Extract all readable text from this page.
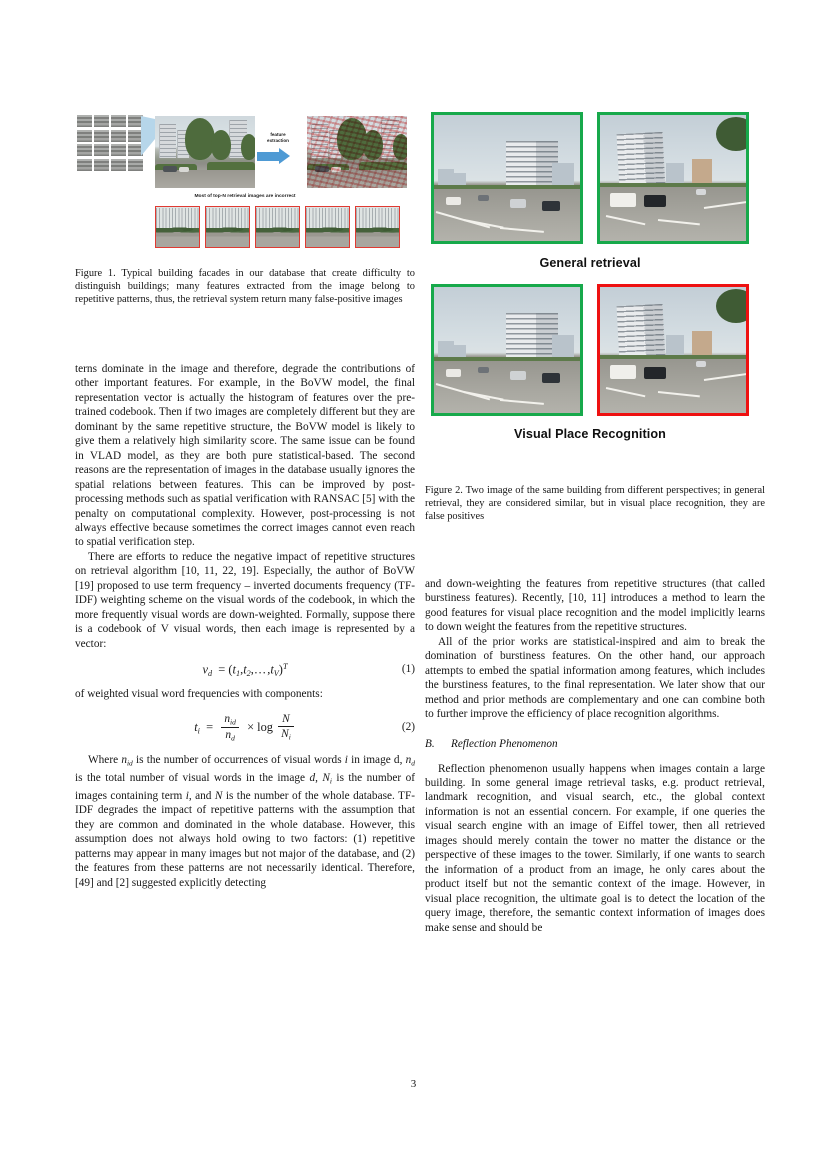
feature
extraction
Most of top-N retrieval images are incorrect

Figure 1. Typical building facades in our database that create difficulty to distinguish buildings; many features extracted from the image belong to repetitive patterns, thus, the retrieval system return many false-positive images

terns dominate in the image and therefore, degrade the contributions of other important features. For example, in the BoVW model, the final representation vector is actually the histogram of features over the pre-trained codebook. Then if two images are completely different but they are dominant by the same repetitive structure, the BoVW model is likely to give them a relatively high similarity score. The same issue can be found in VLAD model, as they are both pure statistical-based. The second reasons are the representation of images in the database usually ignores the spatial relations between features. This can be improved by post-processing methods such as spatial verification with RANSAC [5] with the penalty on computational complexity. However, post-processing is not always effective because sometimes the correct images cannot even reach to spatial verification step.

There are efforts to reduce the negative impact of repetitive structures on retrieval algorithm [10, 11, 22, 19]. Especially, the author of BoVW [19] proposed to use term frequency – inverted documents frequency (TF-IDF) weighting scheme on the visual words of the codebook, in which the more frequently visual words are down-weighted. Formally, suppose there is a codebook of V visual words, then each image is represented by a vector:

$v_d$  = $(t_1,t_2,\dots,t_V)^T$	(1)

of weighted visual word frequencies with components:

$t_i = \frac{n_{id}}{n_d} \times \log \frac{N}{N_i}$	(2)

Where $n_{id}$ is the number of occurrences of visual words i in image d, $n_d$ is the total number of visual words in the image d, $N_i$ is the number of images containing term i, and N is the number of the whole database. TF-IDF degrades the impact of repetitive patterns with the assumption that they are common and dominated in the whole database. However, this assumption does not always hold owing to two factors: (1) repetitive patterns may appear in many images but not major of the database, and (2) the features from these patterns are not necessarily identical. Therefore, [49] and [2] suggested explicitly detecting

General retrieval
Visual Place Recognition

Figure 2. Two image of the same building from different perspectives; in general retrieval, they are considered similar, but in visual place recognition, they are false positives

and down-weighting the features from repetitive structures (that called burstiness features). Recently, [10, 11] introduces a method to learn the good features for visual place recognition and the model implicitly learns to down weight the features from the repetitive structures.

All of the prior works are statistical-inspired and aim to break the domination of burstiness features. On the other hand, our approach attempts to embed the spatial information among features, which includes the burstiness features, to the final representation. We later show that our method and prior methods are complementary and one can combine both to further improve the efficiency of place recognition algorithms.

B. Reflection Phenomenon

Reflection phenomenon usually happens when images contain a large building. In some general image retrieval tasks, e.g. product retrieval, landmark recognition, and visual search, etc., the global context information is not an essential concern. For example, if one queries the visual search engine with an image of Eiffel tower, then all retrieved images should merely contain the tower no matter the distance or the perspective of these images to the tower. Similarly, if one wants to search the information of a product from an image, he only cares about the product itself but not the semantic context of the image. However, in visual place recognition, the ultimate goal is to detect the location of the query image, therefore, the semantic context information of images does make sense and should be

3
